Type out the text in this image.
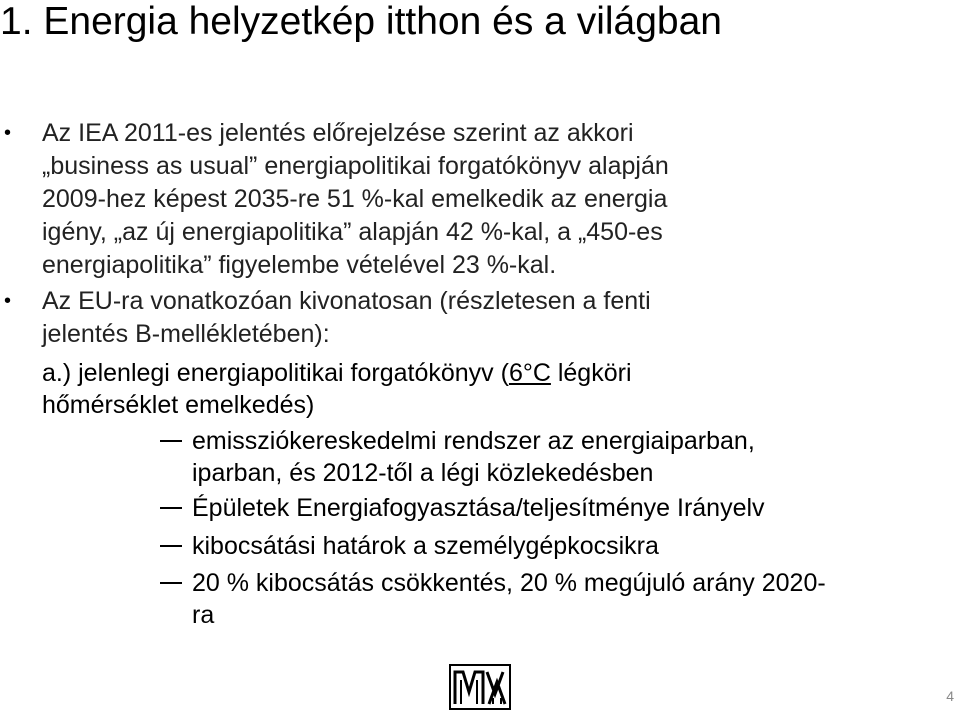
1. Energia helyzetkép itthon és a világban
• Az IEA 2011-es jelentés előrejelzése szerint az akkori
„business as usual” energiapolitikai forgatókönyv alapján
2009-hez képest 2035-re 51 %-kal emelkedik az energia
igény, „az új energiapolitika” alapján 42 %-kal, a „450-es
energiapolitika” figyelembe vételével 23 %-kal.
• Az EU-ra vonatkozóan kivonatosan (részletesen a fenti
jelentés B-mellékletében):
a.) jelenlegi energiapolitikai forgatókönyv (6°C légköri
hőmérséklet emelkedés)
emissziókereskedelmi rendszer az energiaiparban,
iparban, és 2012-től a légi közlekedésben
Épületek Energiafogyasztása/teljesítménye Irányelv
kibocsátási határok a személygépkocsikra
20 % kibocsátás csökkentés, 20 % megújuló arány 2020-
ra
4
